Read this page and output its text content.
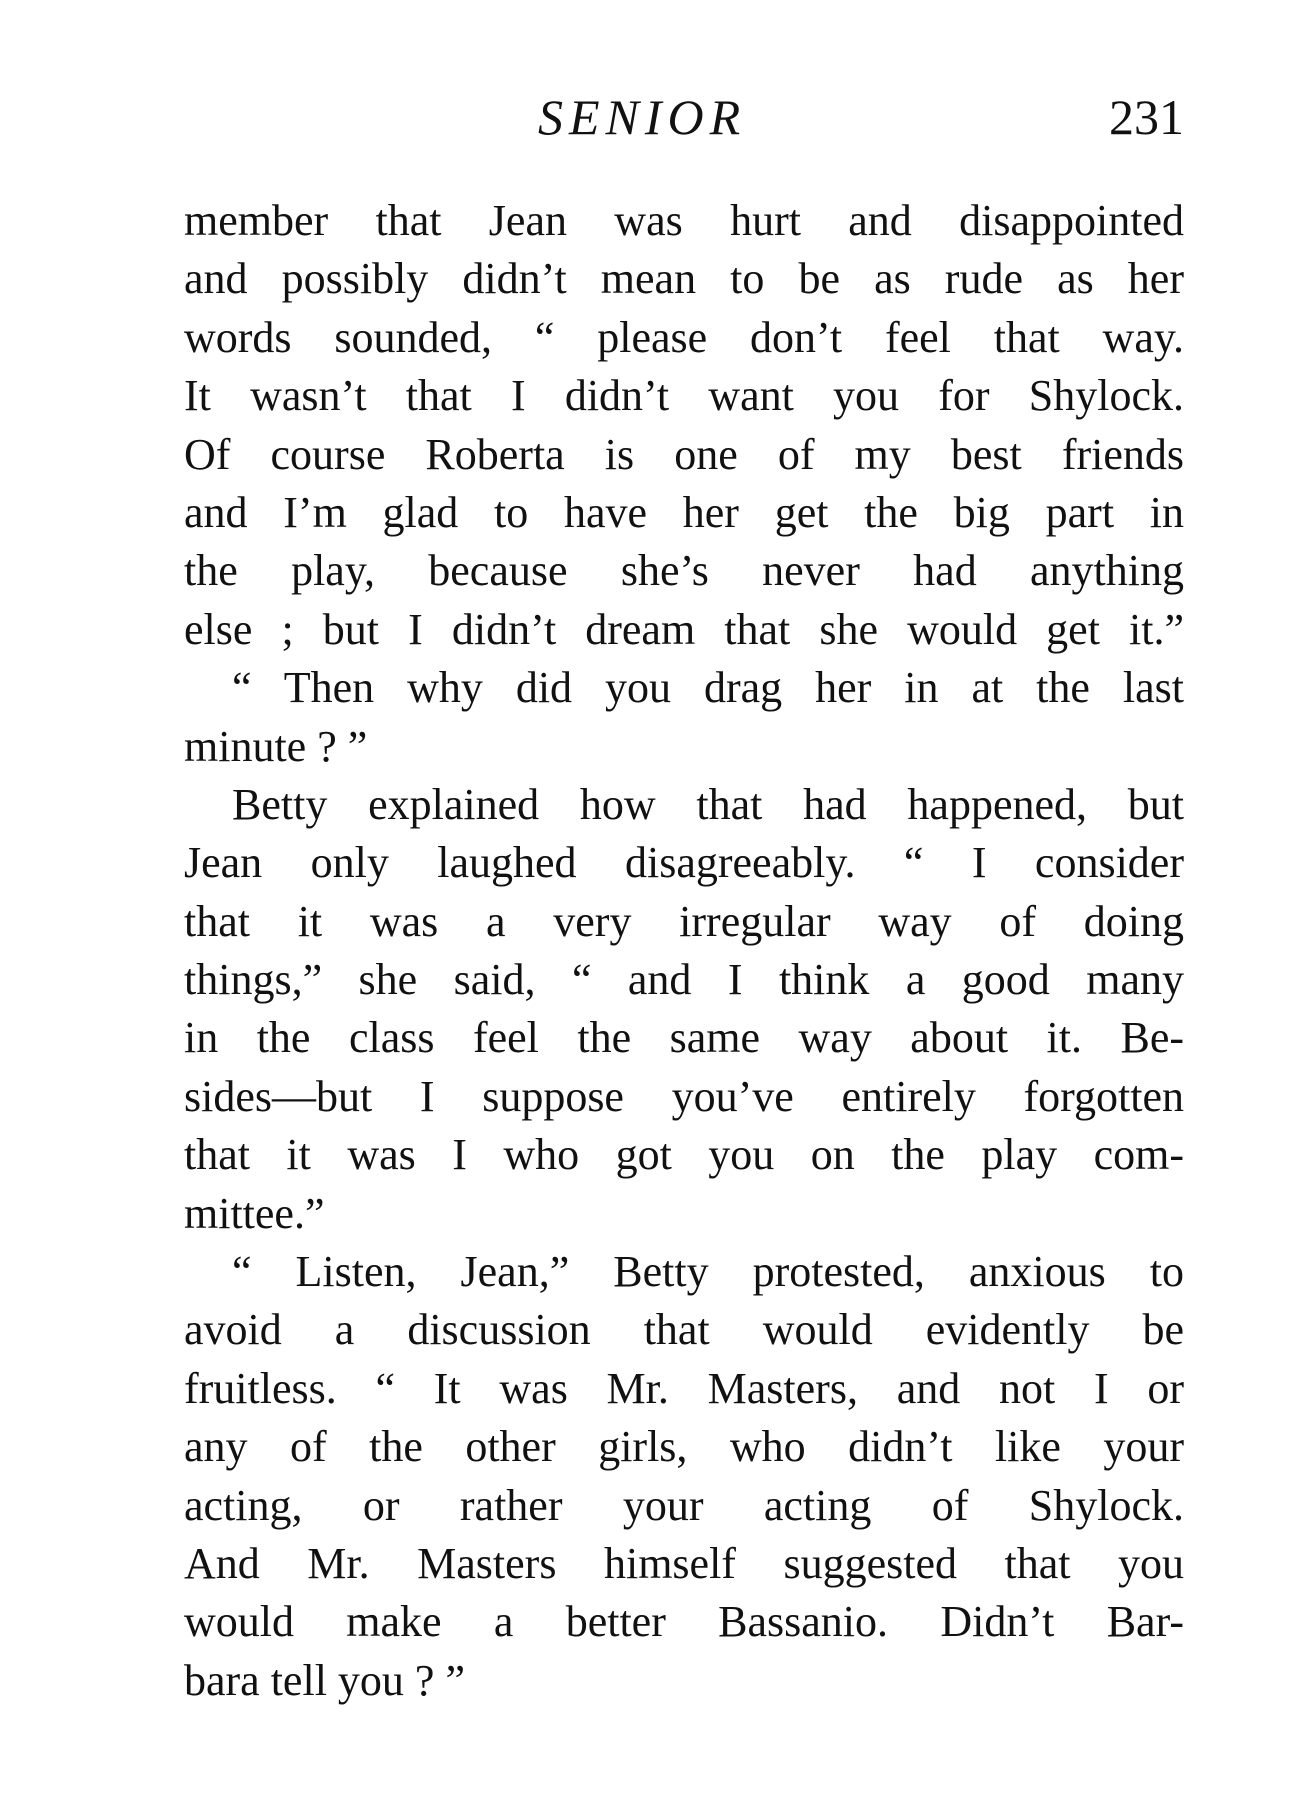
SENIOR	231
member that Jean was hurt and disappointed
and possibly didn’t mean to be as rude as her
words sounded, “ please don’t feel that way.
It wasn’t that I didn’t want you for Shylock.
Of course Roberta is one of my best friends
and I’m glad to have her get the big part in
the play, because she’s never had anything
else ; but I didn’t dream that she would get it.”
“ Then why did you drag her in at the last
minute ? ”
Betty explained how that had happened, but
Jean only laughed disagreeably. “ I consider
that it was a very irregular way of doing
things,” she said, “ and I think a good many
in the class feel the same way about it. Be-
sides—but I suppose you’ve entirely forgotten
that it was I who got you on the play com-
mittee.”
“ Listen, Jean,” Betty protested, anxious to
avoid a discussion that would evidently be
fruitless. “ It was Mr. Masters, and not I or
any of the other girls, who didn’t like your
acting, or rather your acting of Shylock.
And Mr. Masters himself suggested that you
would make a better Bassanio. Didn’t Bar-
bara tell you ? ”
